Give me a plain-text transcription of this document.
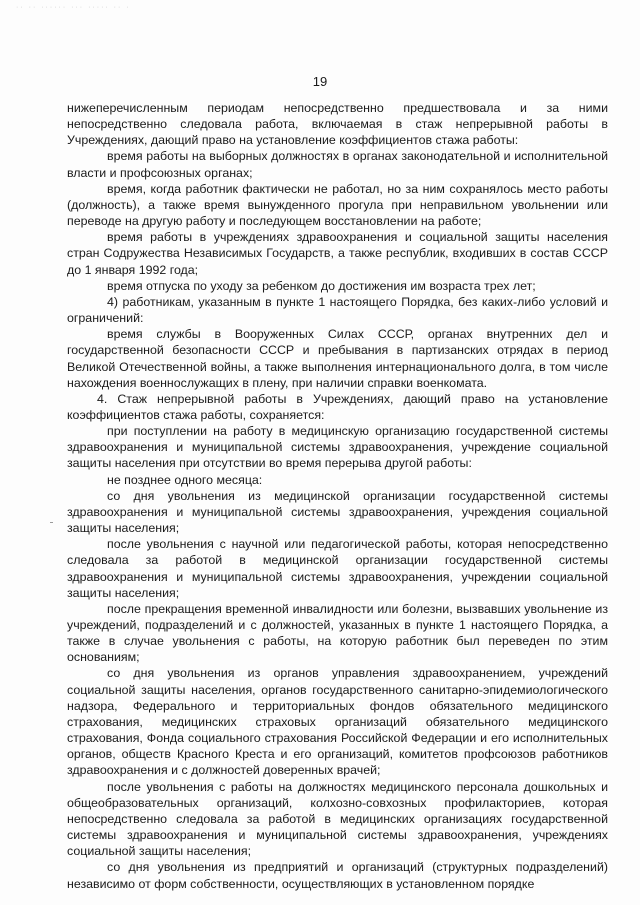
·· ·· ······ ··· ····· ·· ·
19

нижеперечисленным периодам непосредственно предшествовала и за ними непосредственно следовала работа, включаемая в стаж непрерывной работы в Учреждениях, дающий право на установление коэффициентов стажа работы:

время работы на выборных должностях в органах законодательной и исполнительной власти и профсоюзных органах;

время, когда работник фактически не работал, но за ним сохранялось место работы (должность), а также время вынужденного прогула при неправильном увольнении или переводе на другую работу и последующем восстановлении на работе;

время работы в учреждениях здравоохранения и социальной защиты населения стран Содружества Независимых Государств, а также республик, входивших в состав СССР до 1 января 1992 года;

время отпуска по уходу за ребенком до достижения им возраста трех лет;

4) работникам, указанным в пункте 1 настоящего Порядка, без каких-либо условий и ограничений:

время службы в Вооруженных Силах СССР, органах внутренних дел и государственной безопасности СССР и пребывания в партизанских отрядах в период Великой Отечественной войны, а также выполнения интернационального долга, в том числе нахождения военнослужащих в плену, при наличии справки военкомата.

4. Стаж непрерывной работы в Учреждениях, дающий право на установление коэффициентов стажа работы, сохраняется:

при поступлении на работу в медицинскую организацию государственной системы здравоохранения и муниципальной системы здравоохранения, учреждение социальной защиты населения при отсутствии во время перерыва другой работы:

не позднее одного месяца:

со дня увольнения из медицинской организации государственной системы здравоохранения и муниципальной системы здравоохранения, учреждения социальной защиты населения;

после увольнения с научной или педагогической работы, которая непосредственно следовала за работой в медицинской организации государственной системы здравоохранения и муниципальной системы здравоохранения, учреждении социальной защиты населения;

после прекращения временной инвалидности или болезни, вызвавших увольнение из учреждений, подразделений и с должностей, указанных в пункте 1 настоящего Порядка, а также в случае увольнения с работы, на которую работник был переведен по этим основаниям;

со дня увольнения из органов управления здравоохранением, учреждений социальной защиты населения, органов государственного санитарно-эпидемиологического надзора, Федерального и территориальных фондов обязательного медицинского страхования, медицинских страховых организаций обязательного медицинского страхования, Фонда социального страхования Российской Федерации и его исполнительных органов, обществ Красного Креста и его организаций, комитетов профсоюзов работников здравоохранения и с должностей доверенных врачей;

после увольнения с работы на должностях медицинского персонала дошкольных и общеобразовательных организаций, колхозно-совхозных профилакториев, которая непосредственно следовала за работой в медицинских организациях государственной системы здравоохранения и муниципальной системы здравоохранения, учреждениях социальной защиты населения;

со дня увольнения из предприятий и организаций (структурных подразделений) независимо от форм собственности, осуществляющих в установленном порядке
